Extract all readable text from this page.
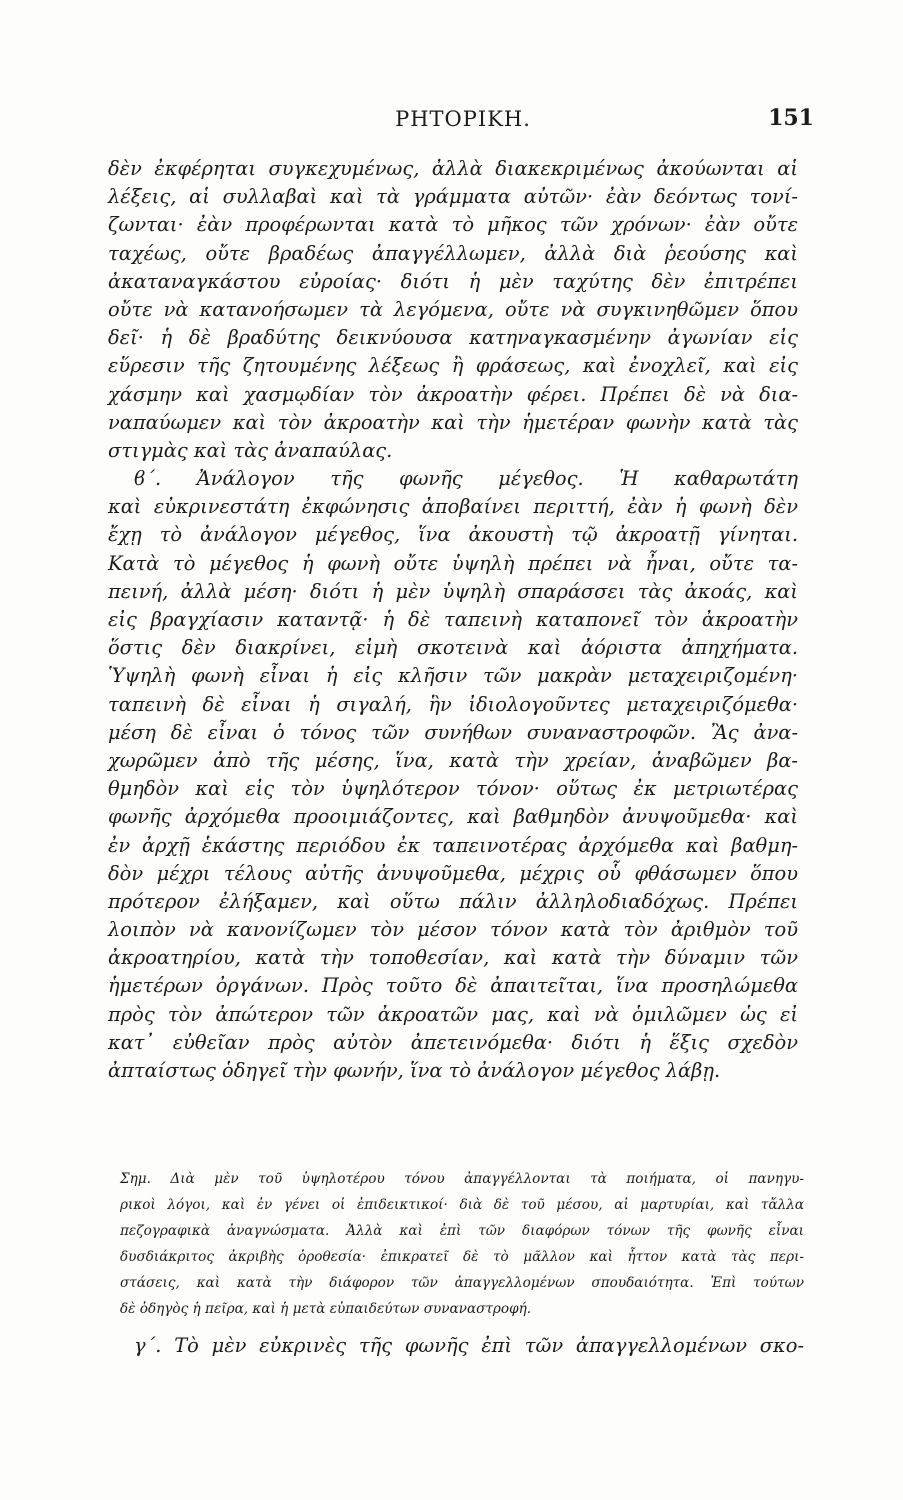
ΡΗΤΟΡΙΚΗ.	151
δὲν ἐκφέρηται συγκεχυμένως, ἀλλὰ διακεκριμένως ἀκούωνται αἱ
λέξεις, αἱ συλλαβαὶ καὶ τὰ γράμματα αὐτῶν· ἐὰν δεόντως τονί-
ζωνται· ἐὰν προφέρωνται κατὰ τὸ μῆκος τῶν χρόνων· ἐὰν οὔτε
ταχέως, οὔτε βραδέως ἀπαγγέλλωμεν, ἀλλὰ διὰ ῥεούσης καὶ
ἀκαταναγκάστου εὐροίας· διότι ἡ μὲν ταχύτης δὲν ἐπιτρέπει
οὔτε νὰ κατανοήσωμεν τὰ λεγόμενα, οὔτε νὰ συγκινηθῶμεν ὅπου
δεῖ· ἡ δὲ βραδύτης δεικνύουσα κατηναγκασμένην ἀγωνίαν εἰς
εὕρεσιν τῆς ζητουμένης λέξεως ἢ φράσεως, καὶ ἐνοχλεῖ, καὶ εἰς
χάσμην καὶ χασμῳδίαν τὸν ἀκροατὴν φέρει. Πρέπει δὲ νὰ δια-
ναπαύωμεν καὶ τὸν ἀκροατὴν καὶ τὴν ἡμετέραν φωνὴν κατὰ τὰς
στιγμὰς καὶ τὰς ἀναπαύλας.
ϐ΄. Ἀνάλογον τῆς φωνῆς μέγεθος. Ἡ καθαρωτάτη
καὶ εὐκρινεστάτη ἐκφώνησις ἀποβαίνει περιττή, ἐὰν ἡ φωνὴ δὲν
ἔχῃ τὸ ἀνάλογον μέγεθος, ἵνα ἀκουστὴ τῷ ἀκροατῇ γίνηται.
Κατὰ τὸ μέγεθος ἡ φωνὴ οὔτε ὑψηλὴ πρέπει νὰ ἦναι, οὔτε τα-
πεινή, ἀλλὰ μέση· διότι ἡ μὲν ὑψηλὴ σπαράσσει τὰς ἀκοάς, καὶ
εἰς βραγχίασιν καταντᾷ· ἡ δὲ ταπεινὴ καταπονεῖ τὸν ἀκροατὴν
ὅστις δὲν διακρίνει, εἰμὴ σκοτεινὰ καὶ ἀόριστα ἀπηχήματα.
Ὑψηλὴ φωνὴ εἶναι ἡ εἰς κλῆσιν τῶν μακρὰν μεταχειριζομένη·
ταπεινὴ δὲ εἶναι ἡ σιγαλή, ἣν ἰδιολογοῦντες μεταχειριζόμεθα·
μέση δὲ εἶναι ὁ τόνος τῶν συνήθων συναναστροφῶν. Ἂς ἀνα-
χωρῶμεν ἀπὸ τῆς μέσης, ἵνα, κατὰ τὴν χρείαν, ἀναβῶμεν βα-
θμηδὸν καὶ εἰς τὸν ὑψηλότερον τόνον· οὕτως ἐκ μετριωτέρας
φωνῆς ἀρχόμεθα προοιμιάζοντες, καὶ βαθμηδὸν ἀνυψοῦμεθα· καὶ
ἐν ἀρχῇ ἑκάστης περιόδου ἐκ ταπεινοτέρας ἀρχόμεθα καὶ βαθμη-
δὸν μέχρι τέλους αὐτῆς ἀνυψοῦμεθα, μέχρις οὗ φθάσωμεν ὅπου
πρότερον ἐλήξαμεν, καὶ οὕτω πάλιν ἀλληλοδιαδόχως. Πρέπει
λοιπὸν νὰ κανονίζωμεν τὸν μέσον τόνον κατὰ τὸν ἀριθμὸν τοῦ
ἀκροατηρίου, κατὰ τὴν τοποθεσίαν, καὶ κατὰ τὴν δύναμιν τῶν
ἡμετέρων ὀργάνων. Πρὸς τοῦτο δὲ ἀπαιτεῖται, ἵνα προσηλώμεθα
πρὸς τὸν ἀπώτερον τῶν ἀκροατῶν μας, καὶ νὰ ὁμιλῶμεν ὡς εἰ
κατ᾽ εὐθεῖαν πρὸς αὐτὸν ἀπετεινόμεθα· διότι ἡ ἕξις σχεδὸν
ἀπταίστως ὁδηγεῖ τὴν φωνήν, ἵνα τὸ ἀνάλογον μέγεθος λάβῃ.
Σημ. Διὰ μὲν τοῦ ὑψηλοτέρου τόνου ἀπαγγέλλονται τὰ ποιήματα, οἱ πανηγυ-
ρικοὶ λόγοι, καὶ ἐν γένει οἱ ἐπιδεικτικοί· διὰ δὲ τοῦ μέσου, αἱ μαρτυρίαι, καὶ τἄλλα
πεζογραφικὰ ἀναγνώσματα. Ἀλλὰ καὶ ἐπὶ τῶν διαφόρων τόνων τῆς φωνῆς εἶναι
δυσδιάκριτος ἀκριβὴς ὁροθεσία· ἐπικρατεῖ δὲ τὸ μᾶλλον καὶ ἧττον κατὰ τὰς περι-
στάσεις, καὶ κατὰ τὴν διάφορον τῶν ἀπαγγελλομένων σπουδαιότητα. Ἐπὶ τούτων
δὲ ὁδηγὸς ἡ πεῖρα, καὶ ἡ μετὰ εὐπαιδεύτων συναναστροφή.
γ΄. Τὸ μὲν εὐκρινὲς τῆς φωνῆς ἐπὶ τῶν ἀπαγγελλομένων σκο-
